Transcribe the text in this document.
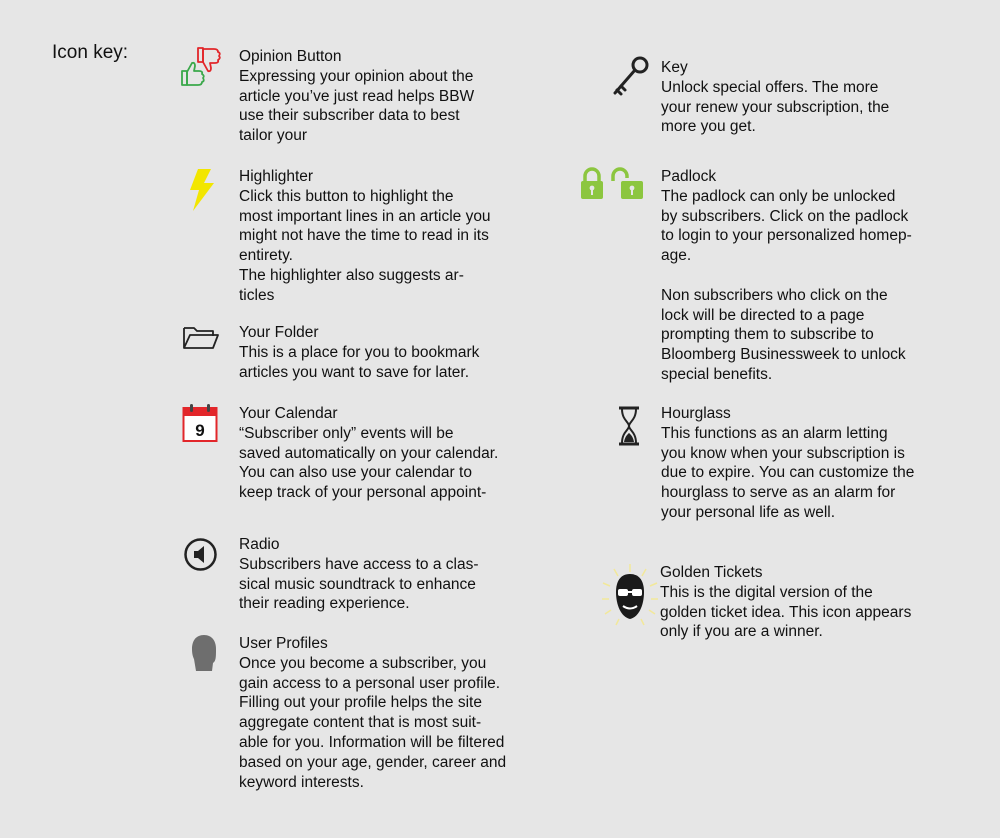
Icon key:	Opinion Button

Expressing your opinion about the
article you’ve just read helps BBW
use their subscriber data to best
tailor your

Highlighter

Click this button to highlight the
most important lines in an article you
might not have the time to read in its
entirety.
The highlighter also suggests ar-
ticles

Your Folder

This is a place for you to bookmark
articles you want to save for later.

9

Your Calendar

“Subscriber only” events will be
saved automatically on your calendar.
You can also use your calendar to
keep track of your personal appoint-

Radio

Subscribers have access to a clas-
sical music soundtrack to enhance
their reading experience.

User Profiles

Once you become a subscriber, you
gain access to a personal user profile.
Filling out your profile helps the site
aggregate content that is most suit-
able for you. Information will be filtered
based on your age, gender, career and
keyword interests.

Key

Unlock special offers. The more
your renew your subscription, the
more you get.

Padlock

The padlock can only be unlocked
by subscribers. Click on the padlock
to login to your personalized homep-
age.

Non subscribers who click on the
lock will be directed to a page
prompting them to subscribe to
Bloomberg Businessweek to unlock
special benefits.

Hourglass

This functions as an alarm letting
you know when your subscription is
due to expire. You can customize the
hourglass to serve as an alarm for
your personal life as well.

Golden Tickets

This is the digital version of the
golden ticket idea. This icon appears
only if you are a winner.
